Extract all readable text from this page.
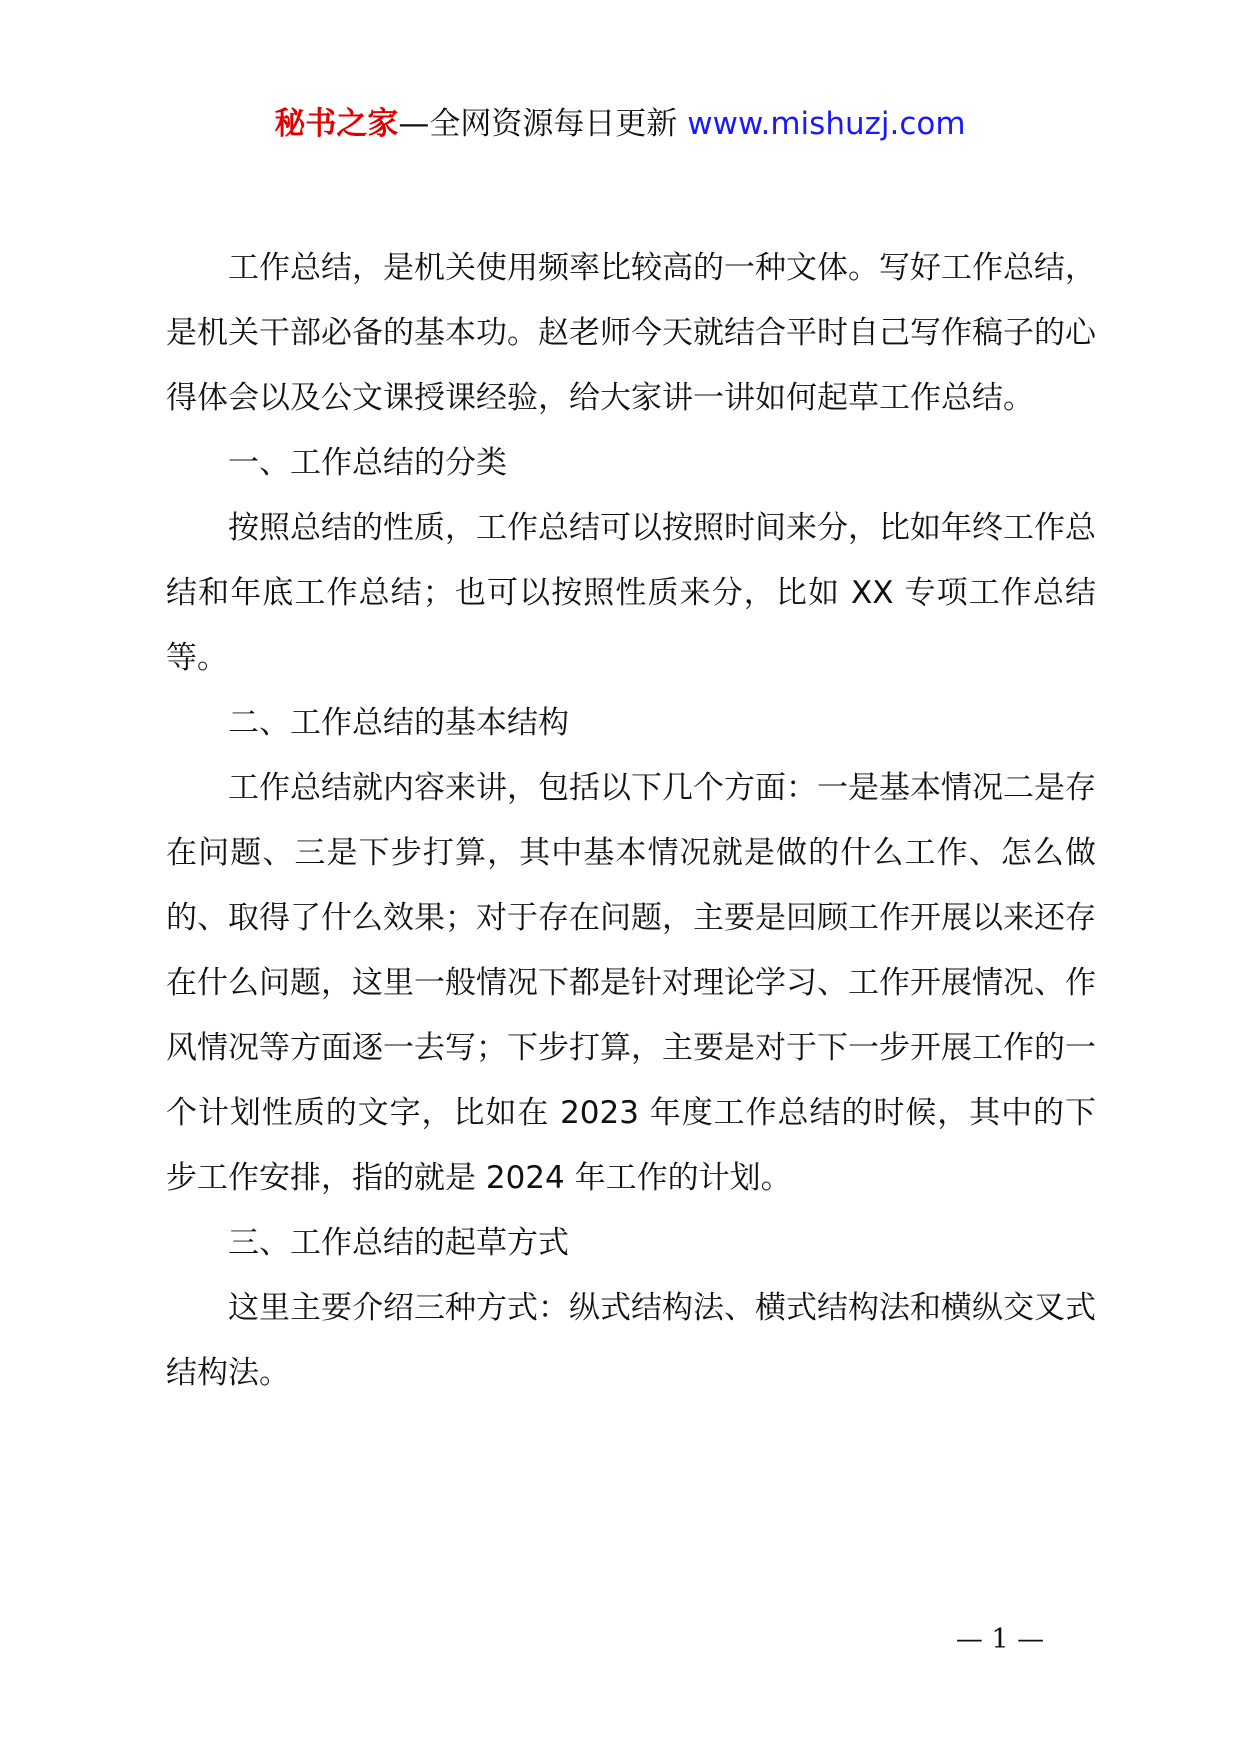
秘书之家—全网资源每日更新 www.mishuzj.com

工作总结，是机关使用频率比较高的一种文体。写好工作总结，是机关干部必备的基本功。赵老师今天就结合平时自己写作稿子的心得体会以及公文课授课经验，给大家讲一讲如何起草工作总结。

一、工作总结的分类

按照总结的性质，工作总结可以按照时间来分，比如年终工作总结和年底工作总结；也可以按照性质来分，比如 XX 专项工作总结等。

二、工作总结的基本结构

工作总结就内容来讲，包括以下几个方面：一是基本情况二是存在问题、三是下步打算，其中基本情况就是做的什么工作、怎么做的、取得了什么效果；对于存在问题，主要是回顾工作开展以来还存在什么问题，这里一般情况下都是针对理论学习、工作开展情况、作风情况等方面逐一去写；下步打算，主要是对于下一步开展工作的一个计划性质的文字，比如在 2023 年度工作总结的时候，其中的下步工作安排，指的就是 2024 年工作的计划。

三、工作总结的起草方式

这里主要介绍三种方式：纵式结构法、横式结构法和横纵交叉式结构法。

— 1 —
